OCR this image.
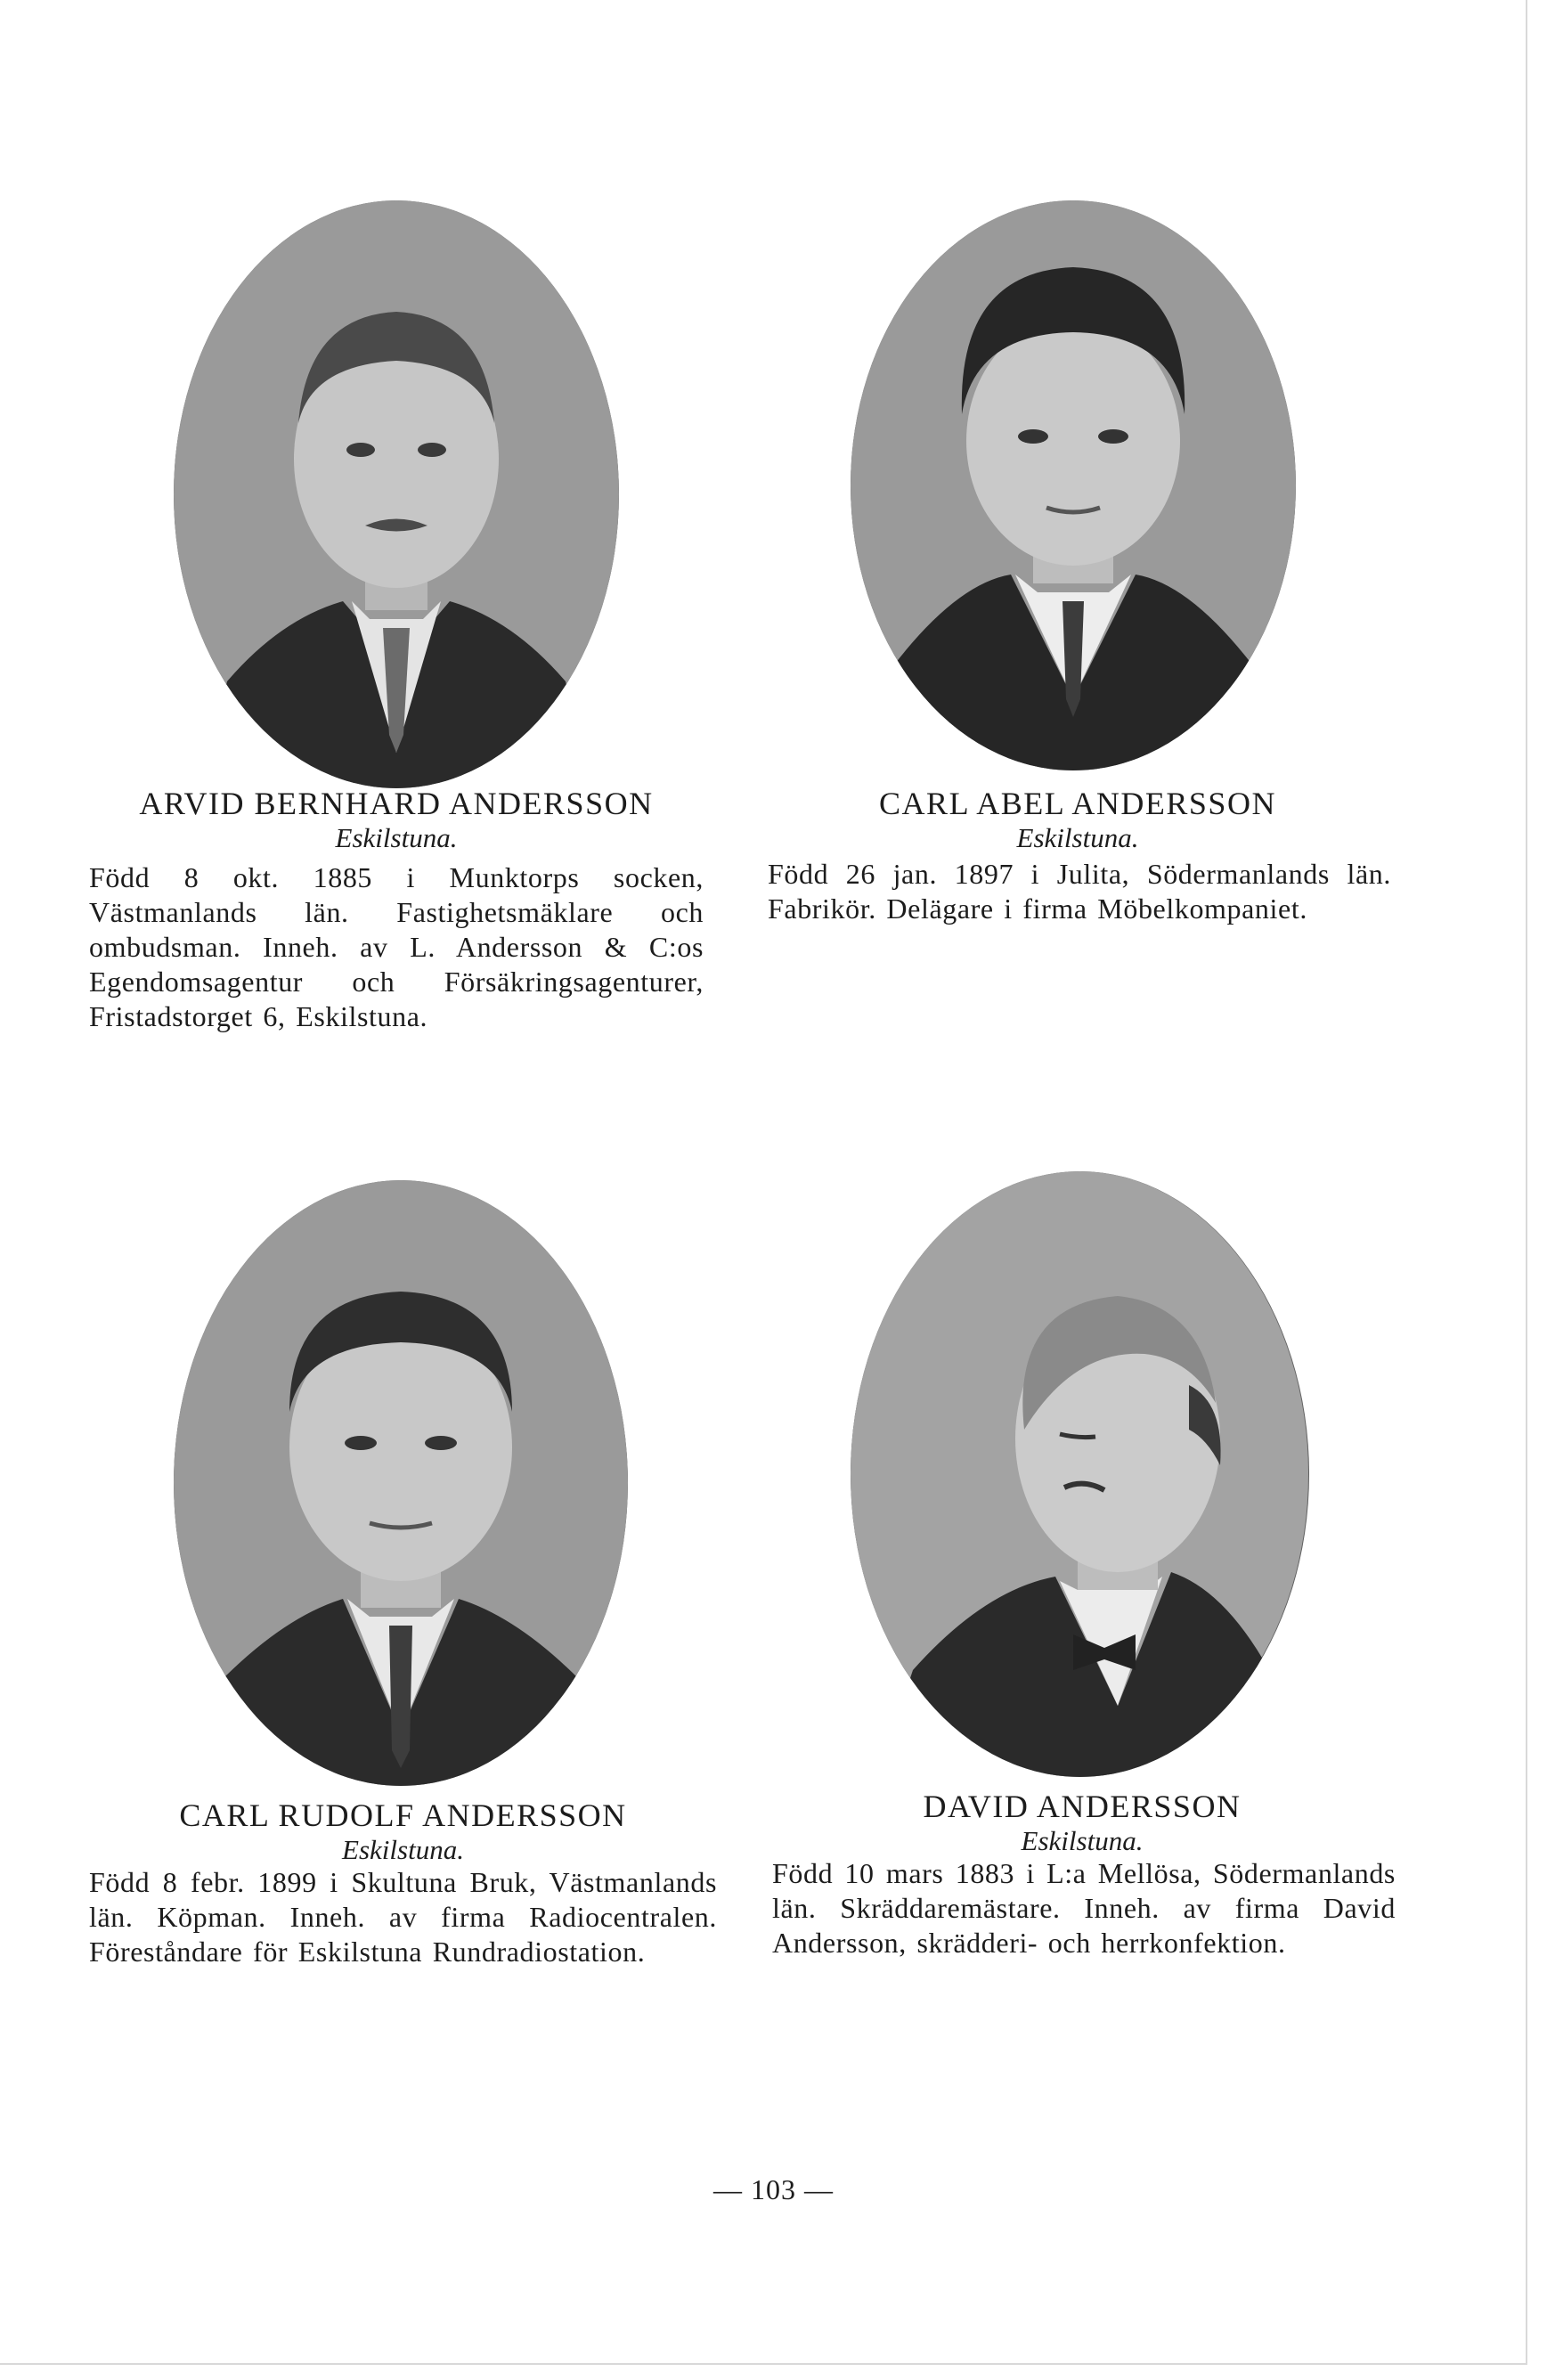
ARVID BERNHARD ANDERSSON
Eskilstuna.
Född 8 okt. 1885 i Munktorps socken, Västmanlands län. Fastighetsmäklare och ombudsman. Inneh. av L. Andersson & C:os Egendomsagentur och Försäkringsagenturer, Fristadstorget 6, Eskilstuna.
CARL ABEL ANDERSSON
Eskilstuna.
Född 26 jan. 1897 i Julita, Södermanlands län. Fabrikör. Delägare i firma Möbelkompaniet.
CARL RUDOLF ANDERSSON
Eskilstuna.
Född 8 febr. 1899 i Skultuna Bruk, Västmanlands län. Köpman. Inneh. av firma Radiocentralen. Föreståndare för Eskilstuna Rundradiostation.
DAVID ANDERSSON
Eskilstuna.
Född 10 mars 1883 i L:a Mellösa, Södermanlands län. Skräddaremästare. Inneh. av firma David Andersson, skrädderi- och herrkonfektion.
— 103 —
